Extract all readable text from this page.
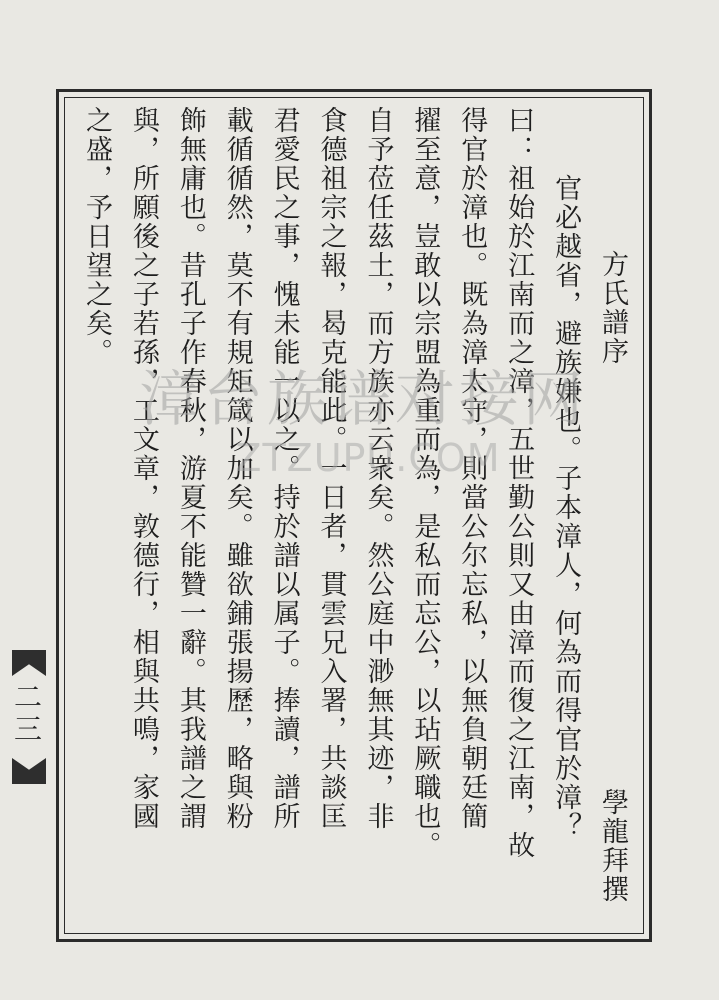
方氏譜序
官必越省，避族嫌也。子本漳人，何為而得官於漳？
曰：祖始於江南而之漳，五世勤公則又由漳而復之江南，故
得官於漳也。既為漳太守，則當公尔忘私，以無負朝廷簡
擢至意，豈敢以宗盟為重而為，是私而忘公，以玷厥職也。
自予莅任茲土，而方族亦云衆矣。然公庭中渺無其迹，非
食德祖宗之報，曷克能此。一日者，貫雲兄入署，共談匡
君愛民之事，愧未能一以之。持於譜以属子。捧讀，譜所
載循循然，莫不有規矩箴以加矣。雖欲鋪張揚歷，略與粉
飾無庸也。昔孔子作春秋，游夏不能贊一辭。其我譜之謂
與，所願後之子若孫，工文章，敦德行，相與共鳴，家國
之盛，予日望之矣。
學龍拜撰
漳台族谱对接网
ZTZUPU.COM
二三
